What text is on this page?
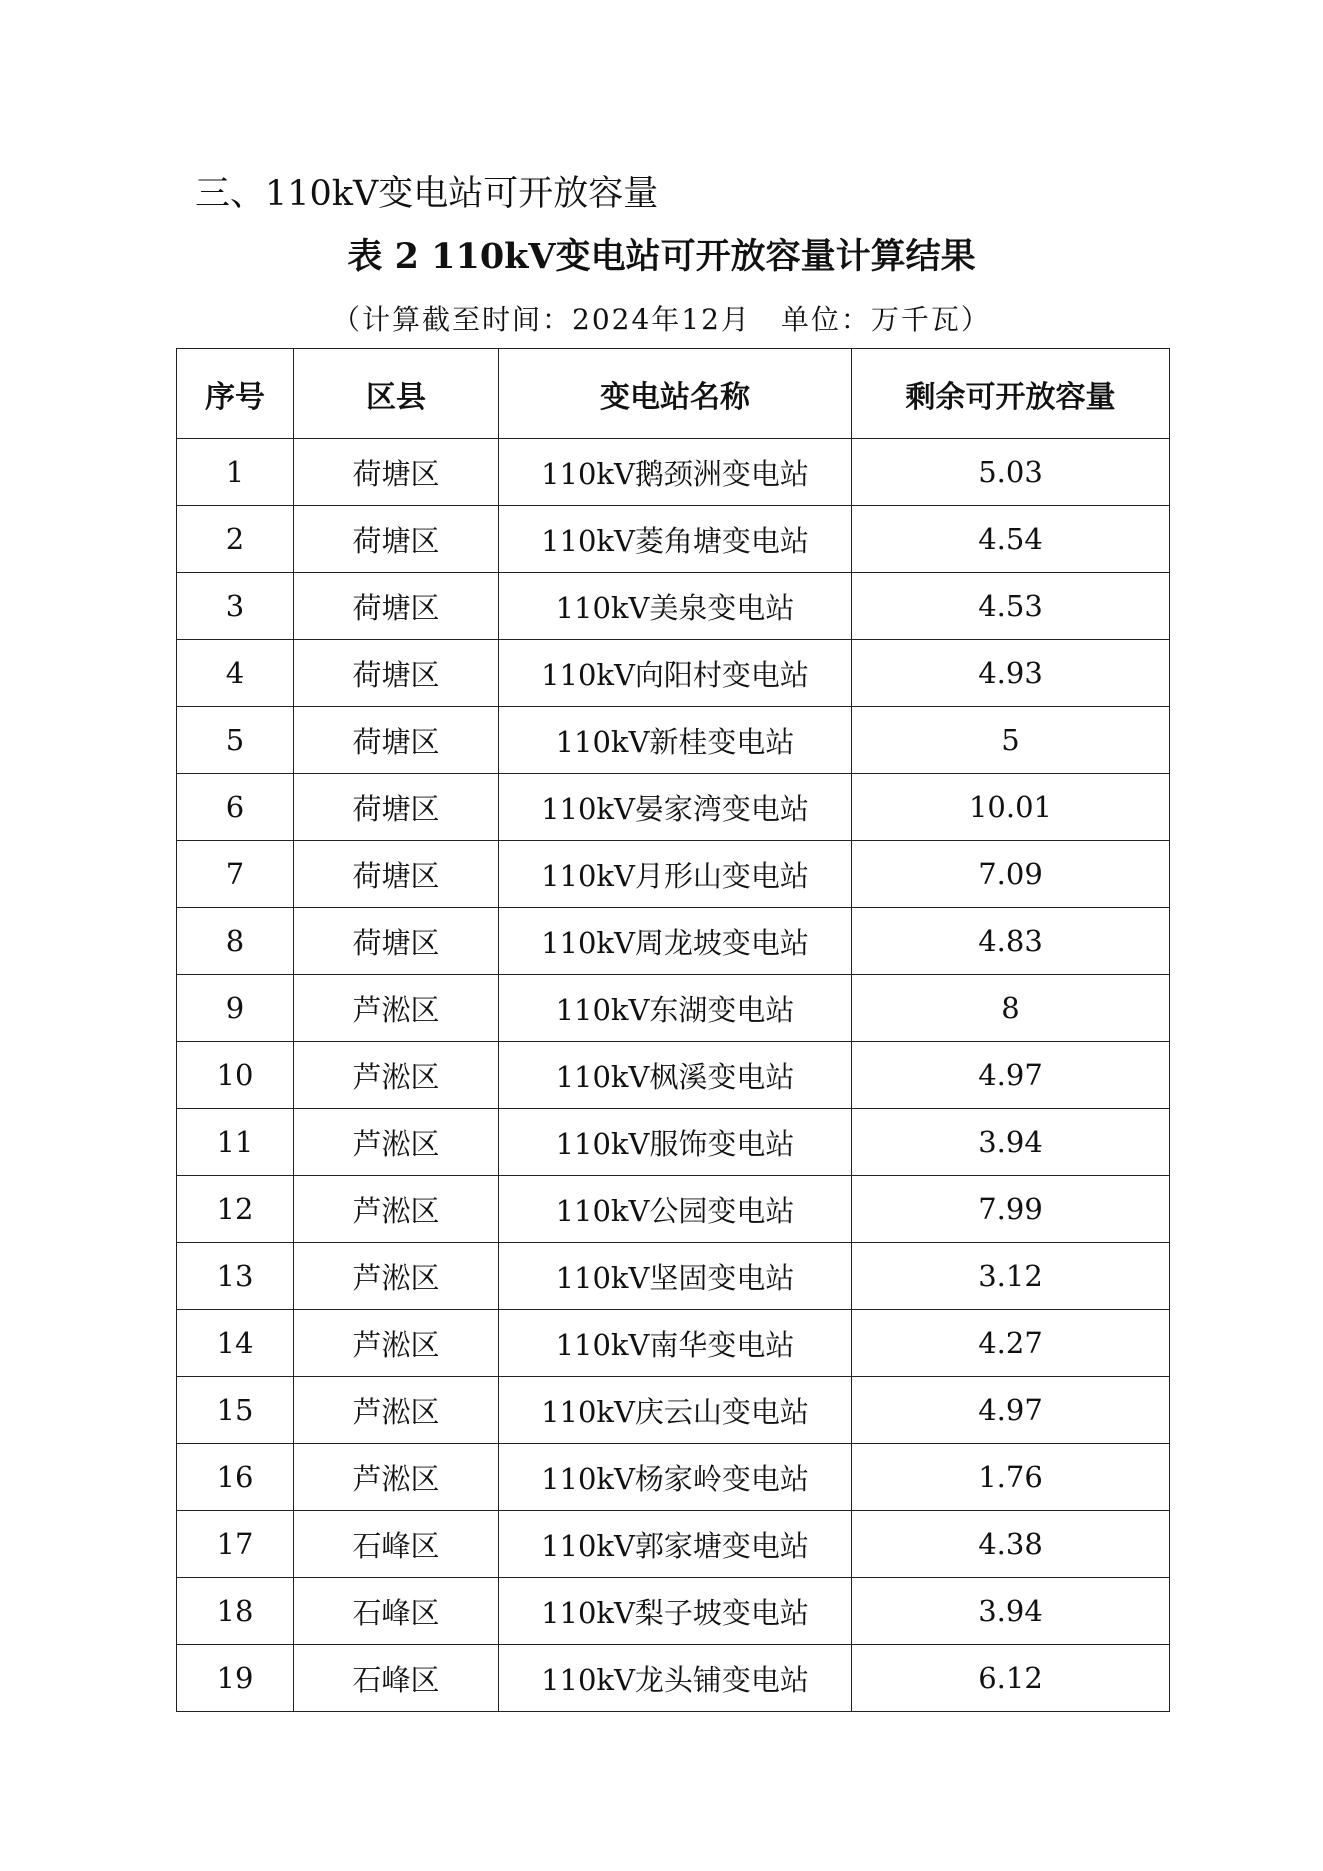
三、110kV变电站可开放容量
表 2 110kV变电站可开放容量计算结果
（计算截至时间：2024年12月　单位：万千瓦）
序号	区县	变电站名称	剩余可开放容量
1	荷塘区	110kV鹅颈洲变电站	5.03
2	荷塘区	110kV菱角塘变电站	4.54
3	荷塘区	110kV美泉变电站	4.53
4	荷塘区	110kV向阳村变电站	4.93
5	荷塘区	110kV新桂变电站	5
6	荷塘区	110kV晏家湾变电站	10.01
7	荷塘区	110kV月形山变电站	7.09
8	荷塘区	110kV周龙坡变电站	4.83
9	芦淞区	110kV东湖变电站	8
10	芦淞区	110kV枫溪变电站	4.97
11	芦淞区	110kV服饰变电站	3.94
12	芦淞区	110kV公园变电站	7.99
13	芦淞区	110kV坚固变电站	3.12
14	芦淞区	110kV南华变电站	4.27
15	芦淞区	110kV庆云山变电站	4.97
16	芦淞区	110kV杨家岭变电站	1.76
17	石峰区	110kV郭家塘变电站	4.38
18	石峰区	110kV梨子坡变电站	3.94
19	石峰区	110kV龙头铺变电站	6.12
